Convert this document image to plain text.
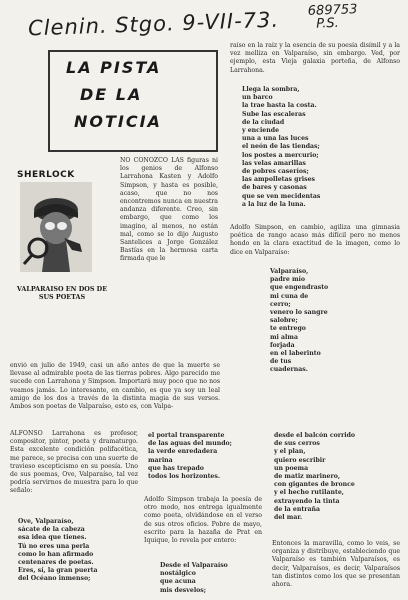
Clenin. Stgo. 9-VII-73. 689753
P.S.
LA PISTA
DE LA
NOTICIA
SHERLOCK
VALPARAISO EN DOS DE SUS POETAS

NO CONOZCO LAS figuras ni los genios de Alfonso Larrahona Kasten y Adolfo Simpson, y hasta es posible, acaso, que no nos encontremos nunca en nuestra andanza diferente. Creo, sin embargo, que como los imagino, al menos, no están mal, como se lo dijo Augusto Santelices a Jorge González Bastías en la hermosa carta firmada que le

envió en julio de 1949, casi un año antes de que la muerte se llevase al admirable poeta de las tierras pobres. Algo parecido me sucede con Larrahona y Simpson. Importará muy poco que no nos veamos jamás. Lo interesante, en cambio, es que ya soy un leal amigo de los dos a través de la distinta magia de sus versos. Ambos son poetas de Valparaíso, esto es, con Valpa-

raíso en la raíz y la esencia de su poesía disímil y a la vez melliza en Valparaíso, sin embargo. Ved, por ejemplo, esta Vieja galaxia porteña, de Alfonso Larrahona.

Llega la sombra,
un barco
la trae hasta la costa.
Sube las escaleras
de la ciudad
y enciende
una a una las luces
el neón de las tiendas;
los postes a mercurio;
las velas amarillas
de pobres caseríos;
las ampolletas grises
de bares y casonas
que se ven mecidentas
a la luz de la luna.

Adolfo Simpson, en cambio, agiliza una gimnasia poética de rango acaso más difícil pero no menos hondo en la clara exactitud de la imagen, como lo dice en Valparaíso:

Valparaíso,
padre mío
que engendrasto
mi cuna de
cerro;
venero lo sangre
salobre;
te entrego
mi alma
forjada
en el laberinto
de tus
cuadernas.

ALFONSO Larrahona es profesor, compositor, pintor, poeta y dramaturgo. Esta excelente condición polifacética, me parece, se precisa con una suerte de travieso escepticismo en su poesía. Uno de sus poemas, Ove, Valparaíso, tal vez podría servirnos de muestra para lo que señalo:

Ove, Valparaíso,
sácate de la cabeza
esa idea que tienes.
Tú no eres una perla
como lo han afirmado
centenares de poetas.
Eres, sí, la gran puerta
del Océano inmenso;
el portal transparente
de las aguas del mundo;
la verde enredadera
marina
que has trepado
todos los horizontes.

Adolfo Simpson trabaja la poesía de otro modo, nos entrega igualmente como poeta, olvidándose en el verso de sus otros oficios. Pobre de mayo, escrito para la hazaña de Prat en Iquique, lo revela por entero:

Desde el Valparaíso
nostálgico
que acuna
mis desvelos;
desde el balcón corrido
de sus cerros
y el plan,
quiero escribir
un poema
de matiz marinero,
con gigantes de bronce
y el hecho rutilante,
extrayendo la tinta
de la entraña
del mar.

Entonces la maravilla, como lo veis, se organiza y distribuye, estableciendo que Valparaíso es también Valparaísos, es decir, Valparaísos, es decir, Valparaísos tan distintos como los que se presentan ahora.
